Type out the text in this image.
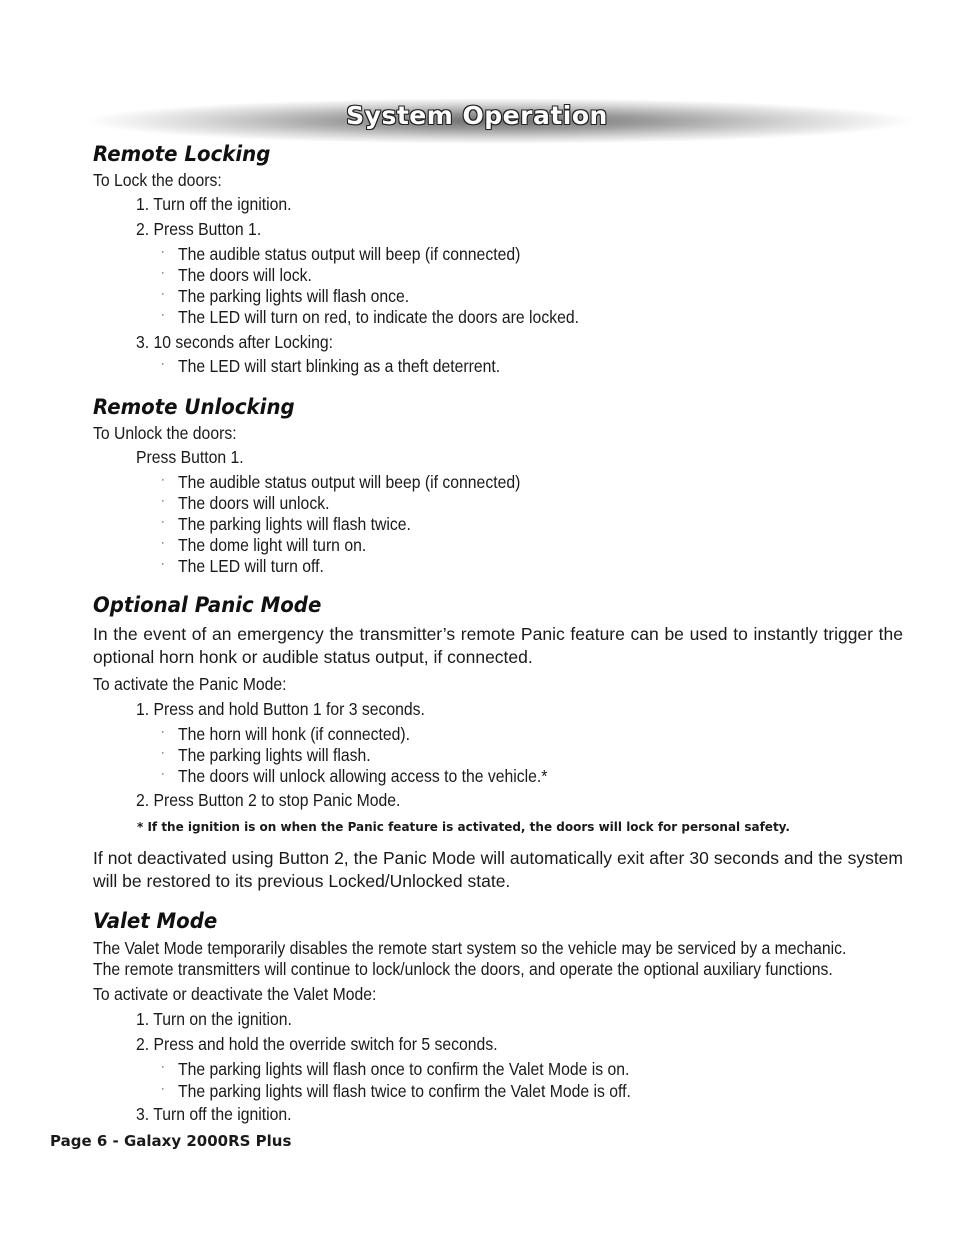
System Operation
Remote Locking
To Lock the doors:
1. Turn off the ignition.
2. Press Button 1.
· The audible status output will beep (if connected)
· The doors will lock.
· The parking lights will flash once.
· The LED will turn on red, to indicate the doors are locked.
3. 10 seconds after Locking:
· The LED will start blinking as a theft deterrent.
Remote Unlocking
To Unlock the doors:
Press Button 1.
· The audible status output will beep (if connected)
· The doors will unlock.
· The parking lights will flash twice.
· The dome light will turn on.
· The LED will turn off.
Optional Panic Mode
In the event of an emergency the transmitter’s remote Panic feature can be used to instantly trigger the optional horn honk or audible status output, if connected.
To activate the Panic Mode:
1. Press and hold Button 1 for 3 seconds.
· The horn will honk (if connected).
· The parking lights will flash.
· The doors will unlock allowing access to the vehicle.*
2. Press Button 2 to stop Panic Mode.
* If the ignition is on when the Panic feature is activated, the doors will lock for personal safety.
If not deactivated using Button 2, the Panic Mode will automatically exit after 30 seconds and the system will be restored to its previous Locked/Unlocked state.
Valet Mode
The Valet Mode temporarily disables the remote start system so the vehicle may be serviced by a mechanic.
The remote transmitters will continue to lock/unlock the doors, and operate the optional auxiliary functions.
To activate or deactivate the Valet Mode:
1. Turn on the ignition.
2. Press and hold the override switch for 5 seconds.
· The parking lights will flash once to confirm the Valet Mode is on.
· The parking lights will flash twice to confirm the Valet Mode is off.
3. Turn off the ignition.
Page 6 - Galaxy 2000RS Plus
